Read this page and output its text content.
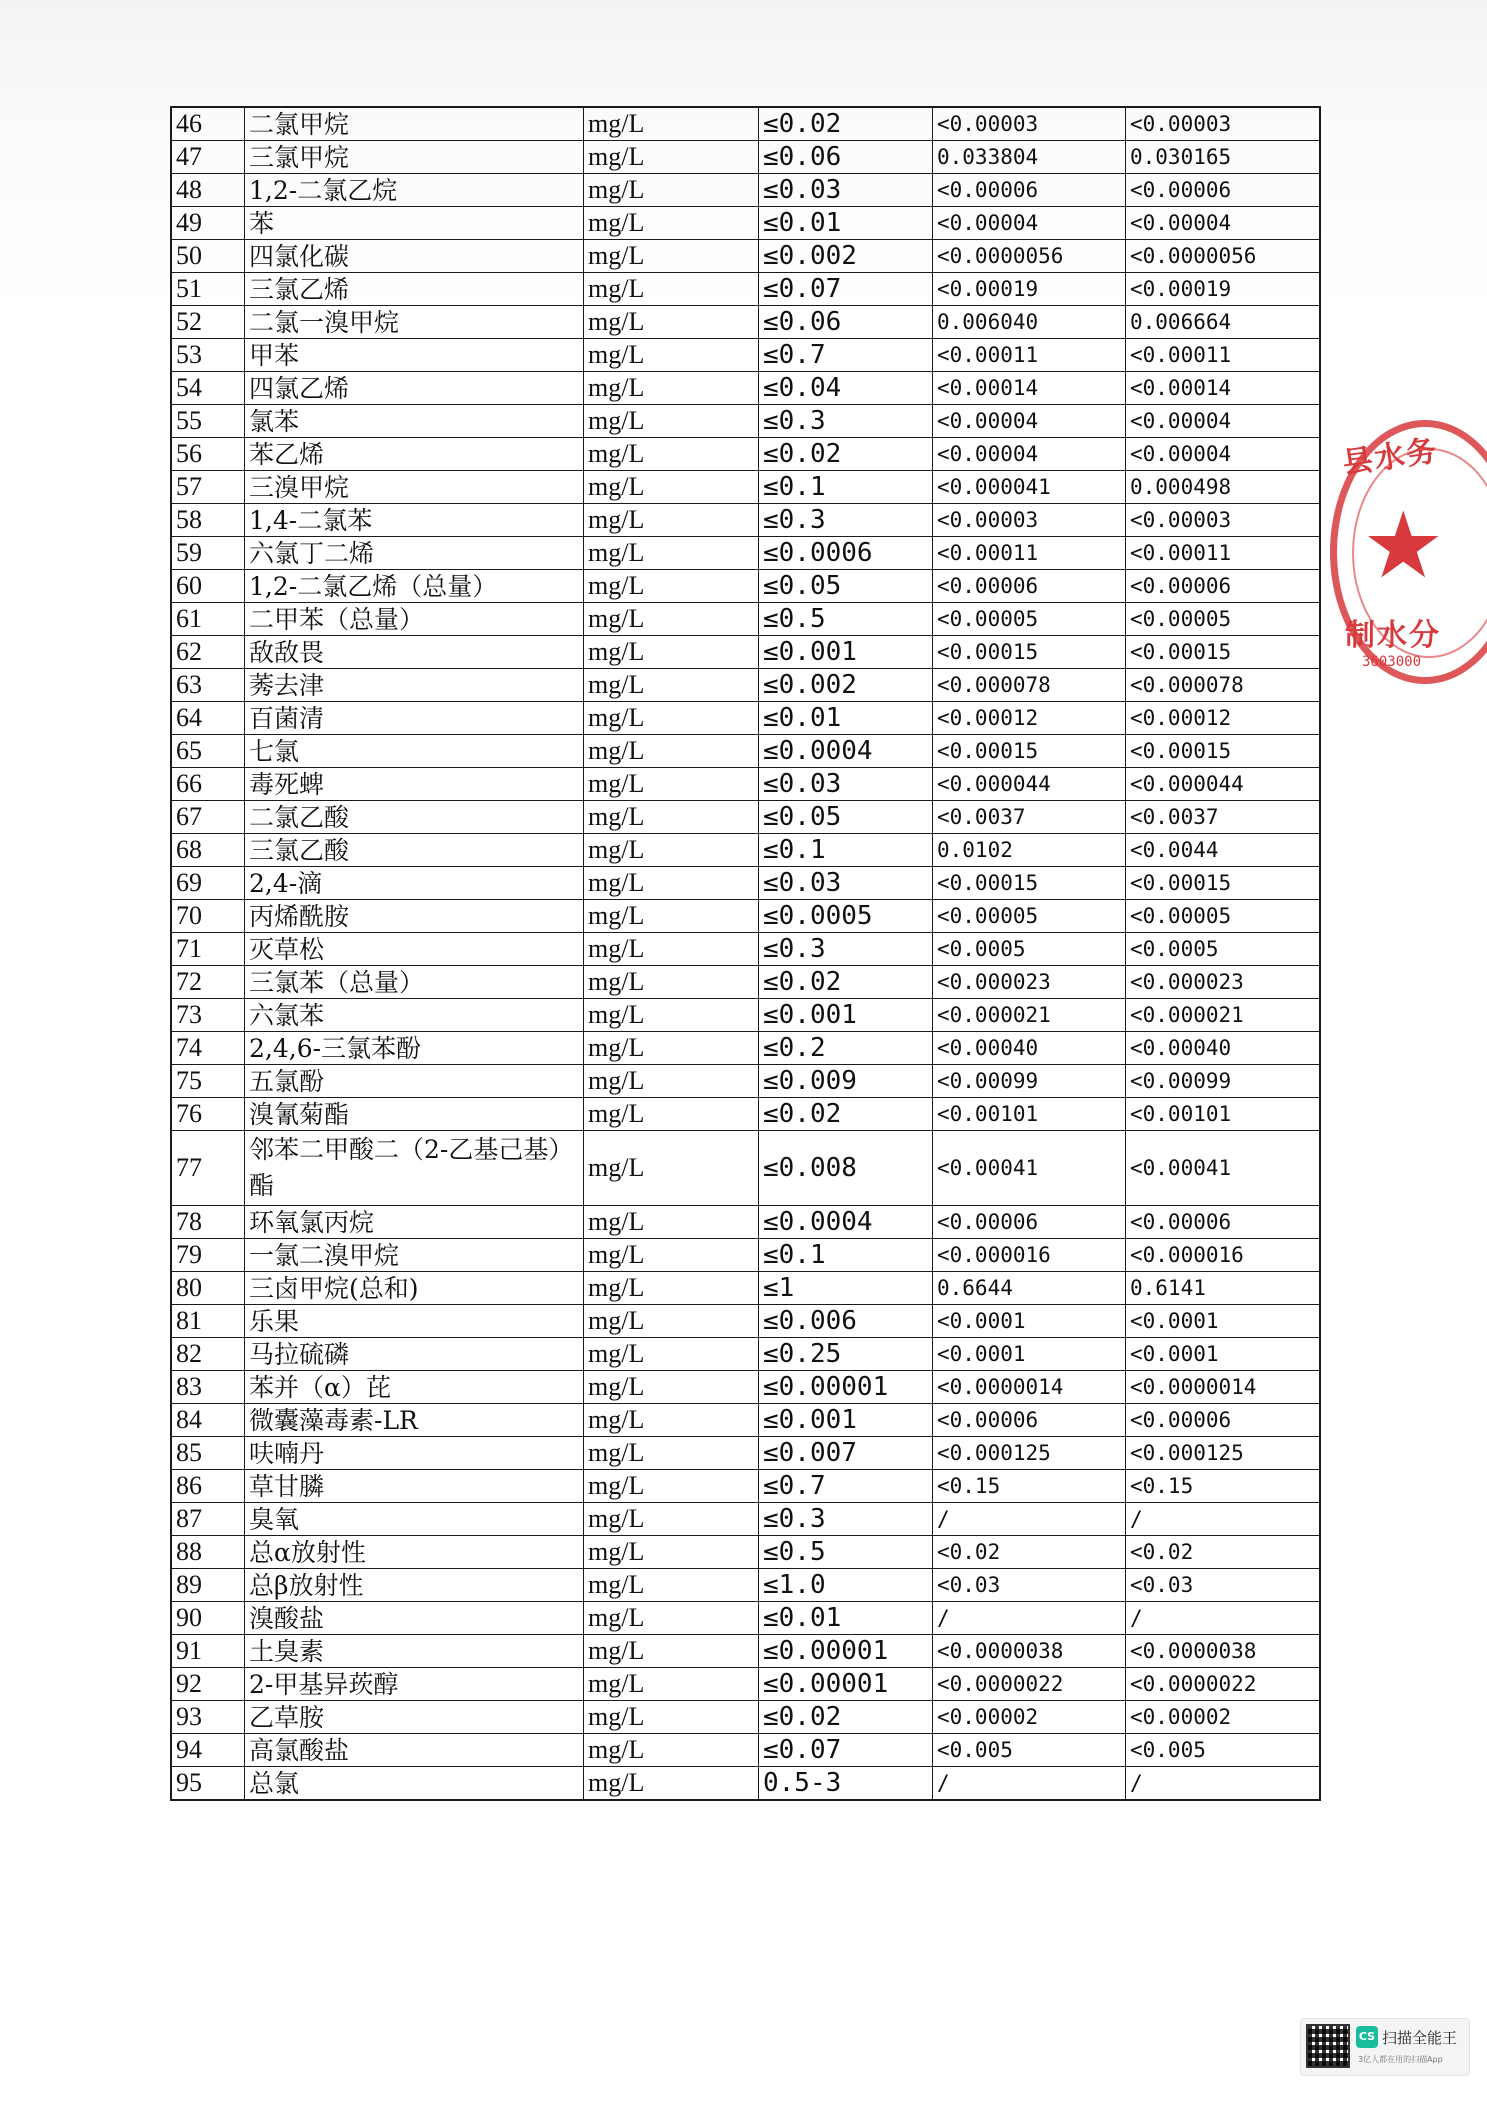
46	二氯甲烷	mg/L	≤0.02	<0.00003	<0.00003
47	三氯甲烷	mg/L	≤0.06	0.033804	0.030165
48	1,2-二氯乙烷	mg/L	≤0.03	<0.00006	<0.00006
49	苯	mg/L	≤0.01	<0.00004	<0.00004
50	四氯化碳	mg/L	≤0.002	<0.0000056	<0.0000056
51	三氯乙烯	mg/L	≤0.07	<0.00019	<0.00019
52	二氯一溴甲烷	mg/L	≤0.06	0.006040	0.006664
53	甲苯	mg/L	≤0.7	<0.00011	<0.00011
54	四氯乙烯	mg/L	≤0.04	<0.00014	<0.00014
55	氯苯	mg/L	≤0.3	<0.00004	<0.00004
56	苯乙烯	mg/L	≤0.02	<0.00004	<0.00004
57	三溴甲烷	mg/L	≤0.1	<0.000041	0.000498
58	1,4-二氯苯	mg/L	≤0.3	<0.00003	<0.00003
59	六氯丁二烯	mg/L	≤0.0006	<0.00011	<0.00011
60	1,2-二氯乙烯（总量）	mg/L	≤0.05	<0.00006	<0.00006
61	二甲苯（总量）	mg/L	≤0.5	<0.00005	<0.00005
62	敌敌畏	mg/L	≤0.001	<0.00015	<0.00015
63	莠去津	mg/L	≤0.002	<0.000078	<0.000078
64	百菌清	mg/L	≤0.01	<0.00012	<0.00012
65	七氯	mg/L	≤0.0004	<0.00015	<0.00015
66	毒死蜱	mg/L	≤0.03	<0.000044	<0.000044
67	二氯乙酸	mg/L	≤0.05	<0.0037	<0.0037
68	三氯乙酸	mg/L	≤0.1	0.0102	<0.0044
69	2,4-滴	mg/L	≤0.03	<0.00015	<0.00015
70	丙烯酰胺	mg/L	≤0.0005	<0.00005	<0.00005
71	灭草松	mg/L	≤0.3	<0.0005	<0.0005
72	三氯苯（总量）	mg/L	≤0.02	<0.000023	<0.000023
73	六氯苯	mg/L	≤0.001	<0.000021	<0.000021
74	2,4,6-三氯苯酚	mg/L	≤0.2	<0.00040	<0.00040
75	五氯酚	mg/L	≤0.009	<0.00099	<0.00099
76	溴氰菊酯	mg/L	≤0.02	<0.00101	<0.00101
77	邻苯二甲酸二（2-乙基己基）酯	mg/L	≤0.008	<0.00041	<0.00041
78	环氧氯丙烷	mg/L	≤0.0004	<0.00006	<0.00006
79	一氯二溴甲烷	mg/L	≤0.1	<0.000016	<0.000016
80	三卤甲烷(总和)	mg/L	≤1	0.6644	0.6141
81	乐果	mg/L	≤0.006	<0.0001	<0.0001
82	马拉硫磷	mg/L	≤0.25	<0.0001	<0.0001
83	苯并（α）芘	mg/L	≤0.00001	<0.0000014	<0.0000014
84	微囊藻毒素-LR	mg/L	≤0.001	<0.00006	<0.00006
85	呋喃丹	mg/L	≤0.007	<0.000125	<0.000125
86	草甘膦	mg/L	≤0.7	<0.15	<0.15
87	臭氧	mg/L	≤0.3	/	/
88	总α放射性	mg/L	≤0.5	<0.02	<0.02
89	总β放射性	mg/L	≤1.0	<0.03	<0.03
90	溴酸盐	mg/L	≤0.01	/	/
91	土臭素	mg/L	≤0.00001	<0.0000038	<0.0000038
92	2-甲基异莰醇	mg/L	≤0.00001	<0.0000022	<0.0000022
93	乙草胺	mg/L	≤0.02	<0.00002	<0.00002
94	高氯酸盐	mg/L	≤0.07	<0.005	<0.005
95	总氯	mg/L	0.5-3	/	/
县水务
★
制水分
3603000
CS 扫描全能王
3亿人都在用的扫描App
